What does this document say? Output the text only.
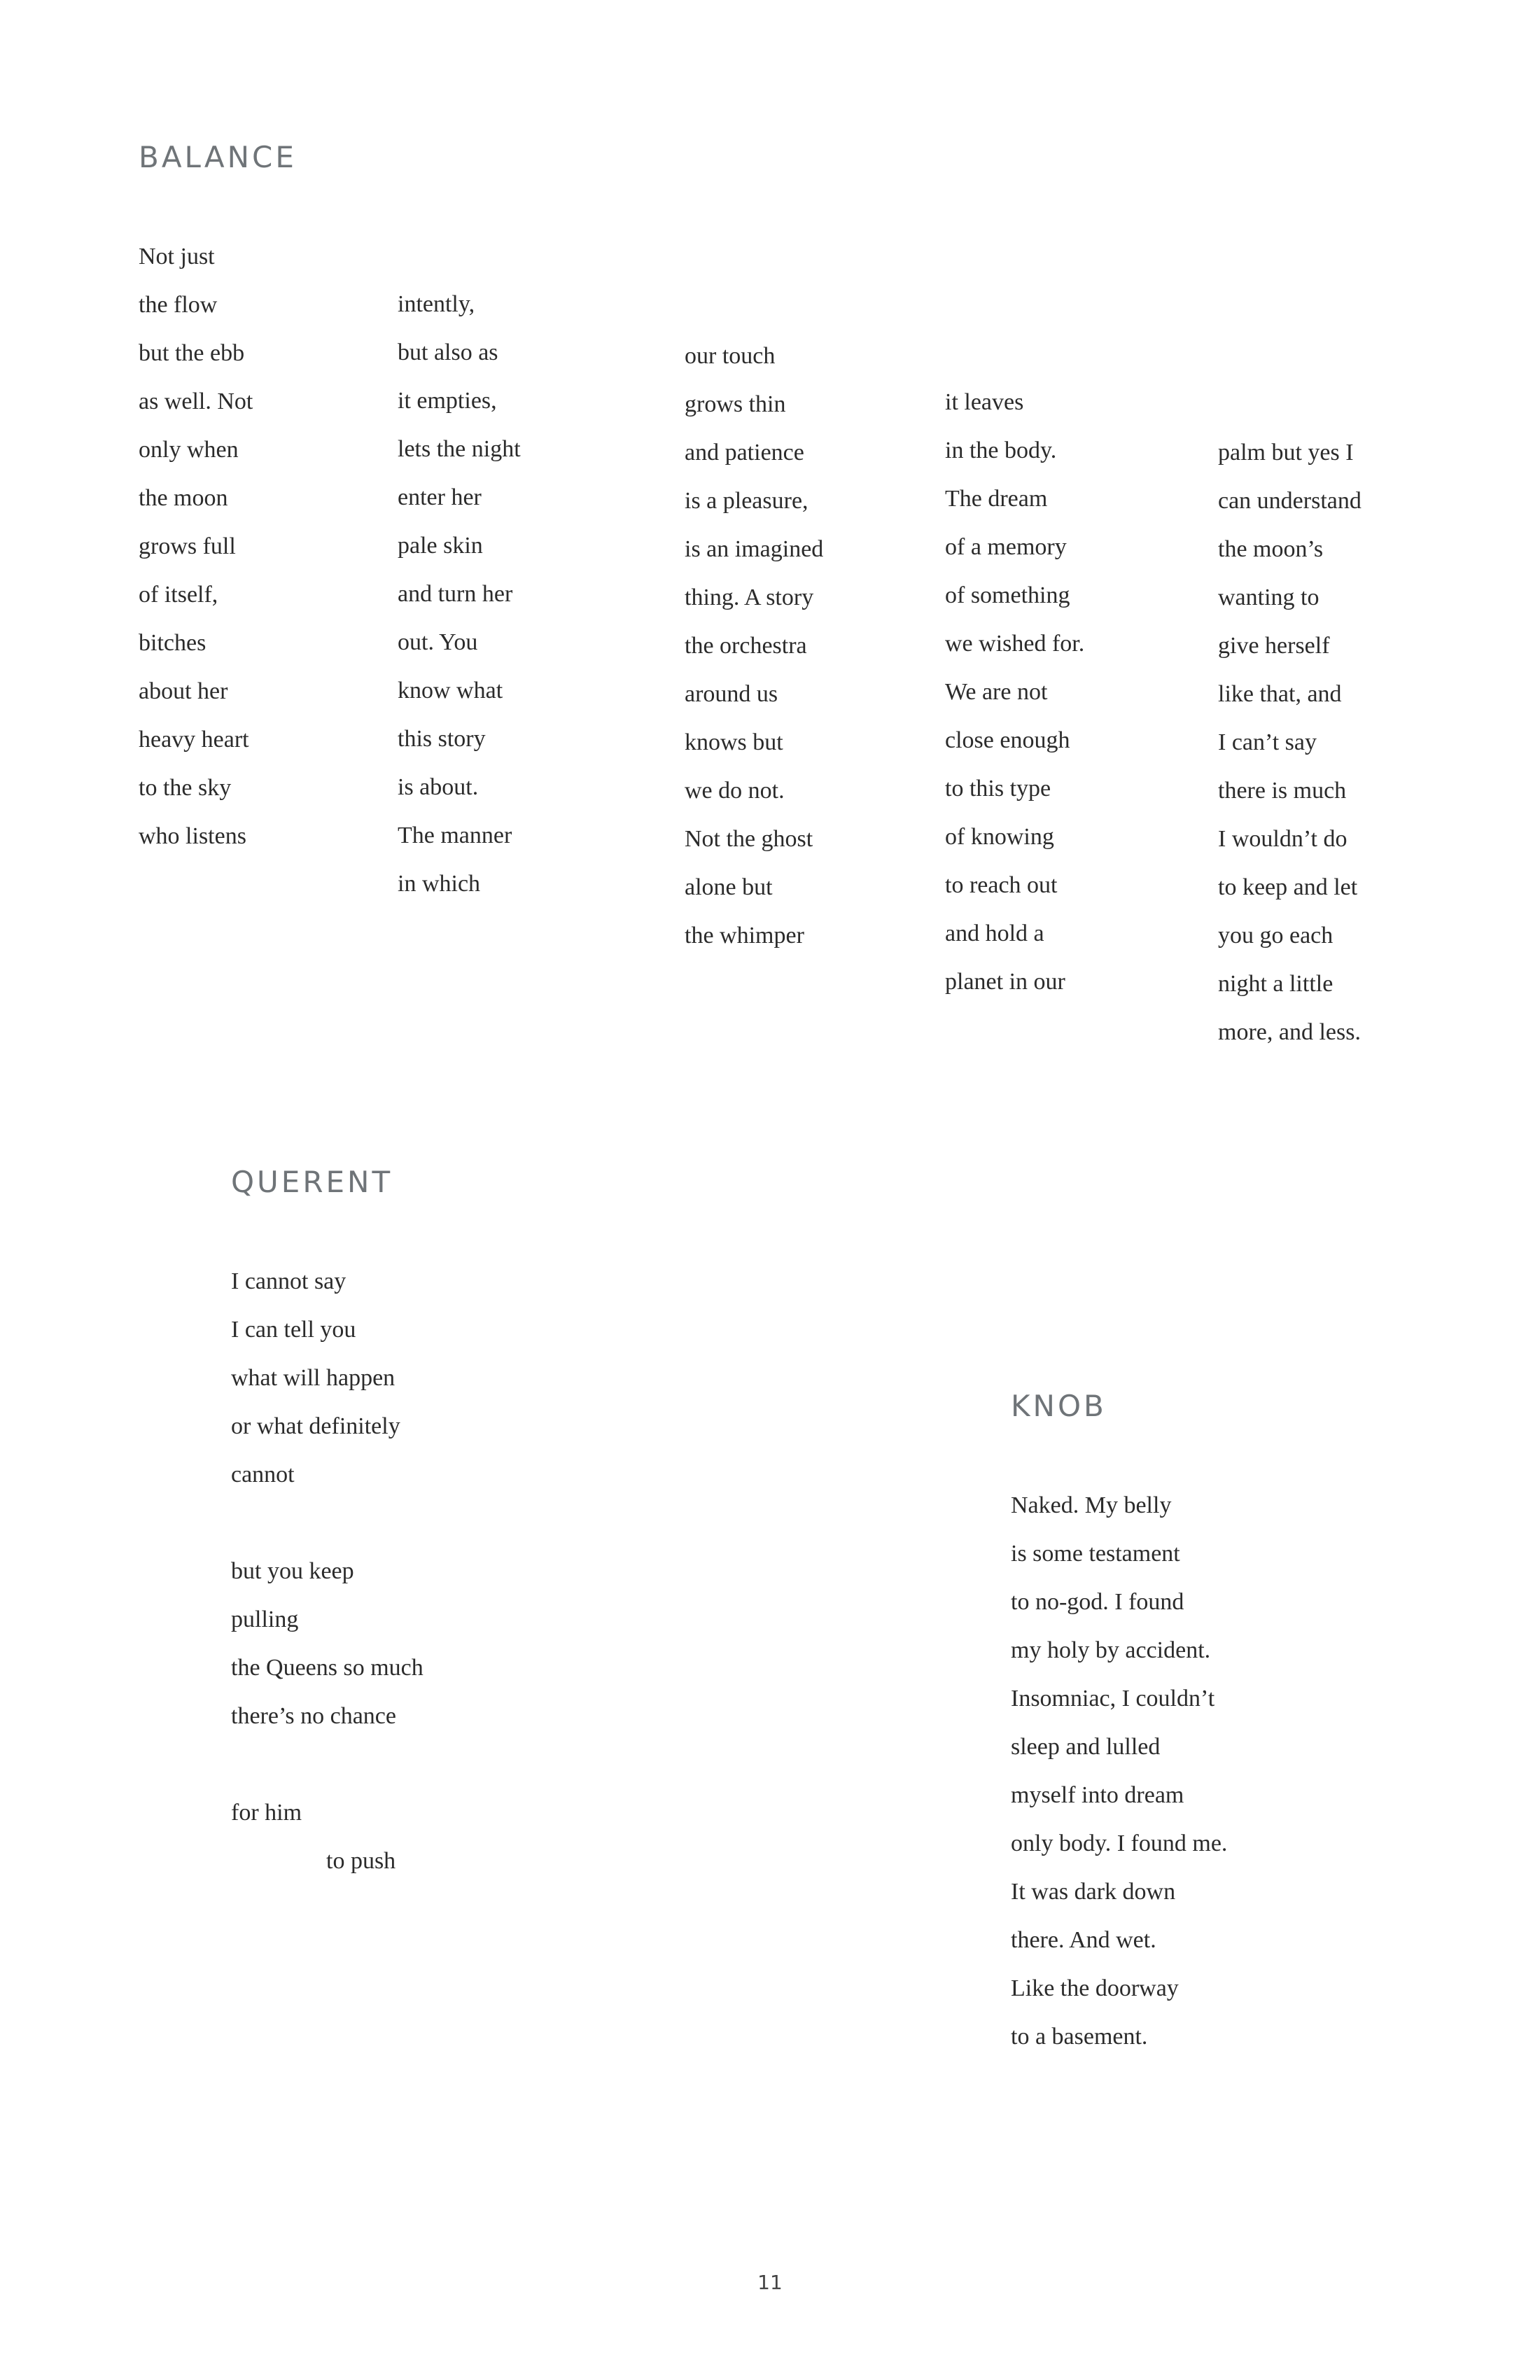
BALANCE
Not just
the flow
but the ebb
as well. Not
only when
the moon
grows full
of itself,
bitches
about her
heavy heart
to the sky
who listens
intently,
but also as
it empties,
lets the night
enter her
pale skin
and turn her
out. You
know what
this story
is about.
The manner
in which
our touch
grows thin
and patience
is a pleasure,
is an imagined
thing. A story
the orchestra
around us
knows but
we do not.
Not the ghost
alone but
the whimper
it leaves
in the body.
The dream
of a memory
of something
we wished for.
We are not
close enough
to this type
of knowing
to reach out
and hold a
planet in our
palm but yes I
can understand
the moon’s
wanting to
give herself
like that, and
I can’t say
there is much
I wouldn’t do
to keep and let
you go each
night a little
more, and less.
QUERENT
I cannot say
I can tell you
what will happen
or what definitely
cannot
but you keep
pulling
the Queens so much
there’s no chance
for him
to push
KNOB
Naked. My belly
is some testament
to no-god. I found
my holy by accident.
Insomniac, I couldn’t
sleep and lulled
myself into dream
only body. I found me.
It was dark down
there. And wet.
Like the doorway
to a basement.
11
